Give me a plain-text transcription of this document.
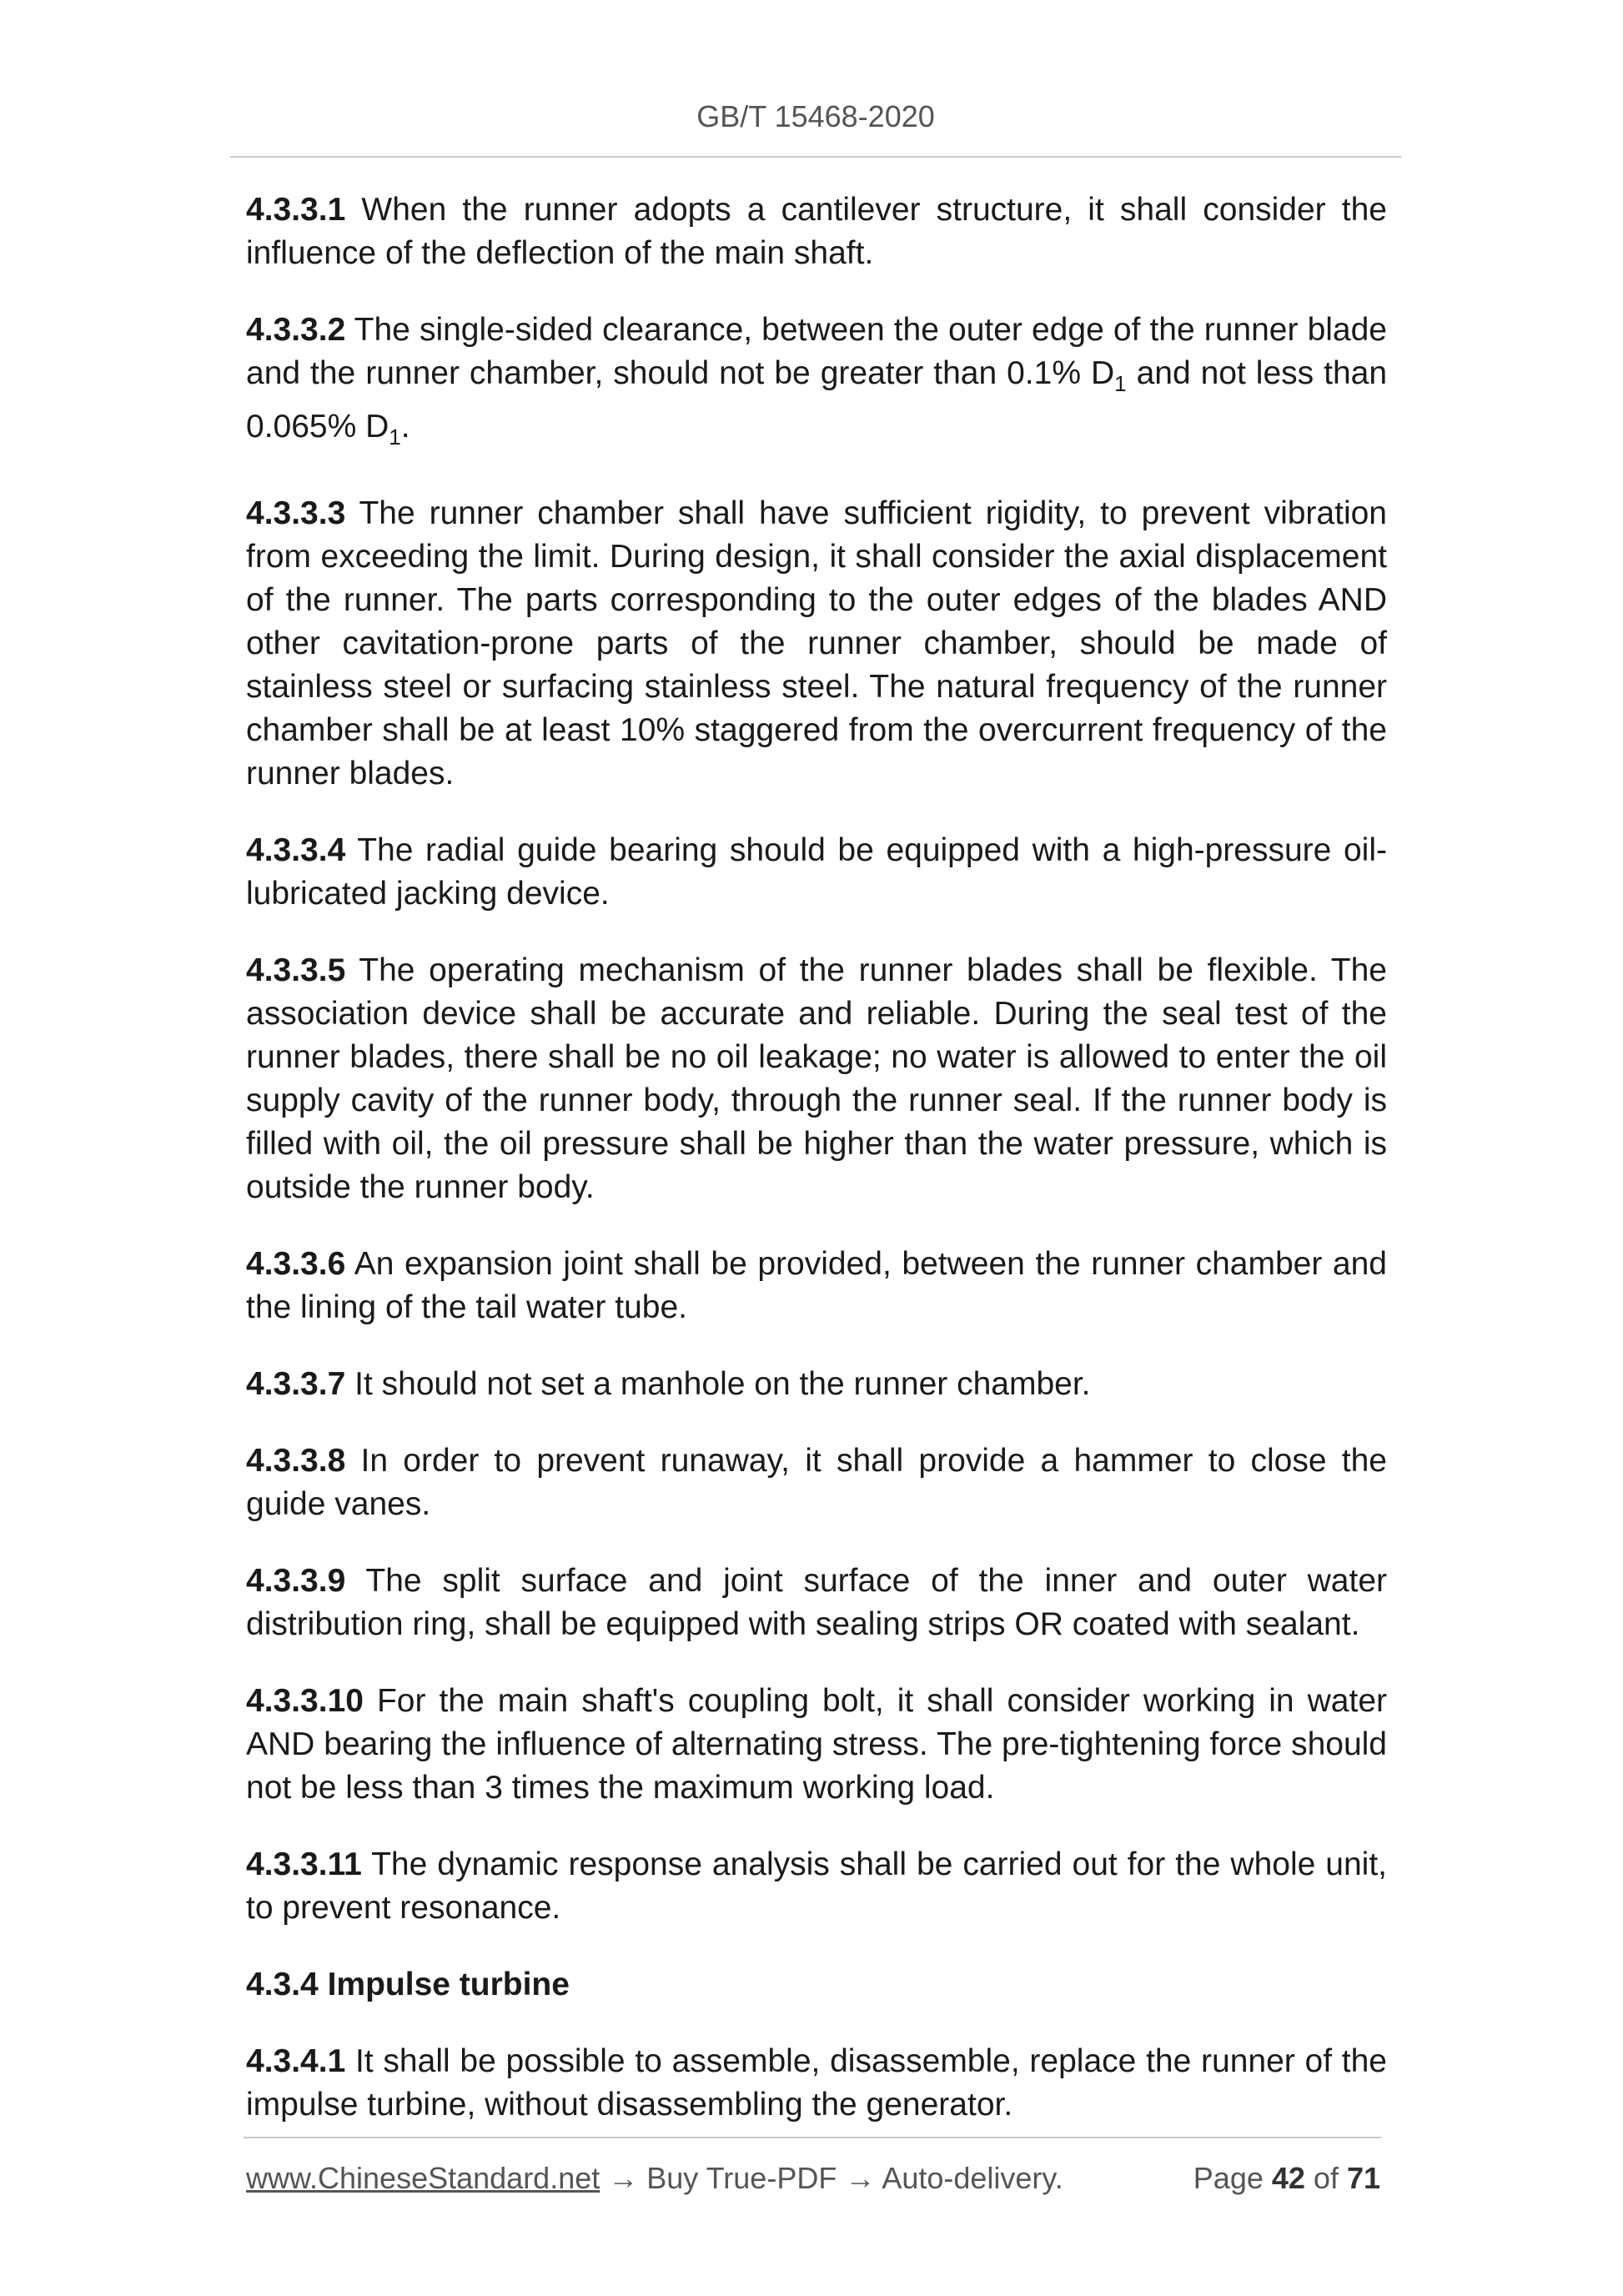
GB/T 15468-2020

4.3.3.1 When the runner adopts a cantilever structure, it shall consider the influence of the deflection of the main shaft.

4.3.3.2 The single-sided clearance, between the outer edge of the runner blade and the runner chamber, should not be greater than 0.1% $D_1$ and not less than 0.065% $D_1$.

4.3.3.3 The runner chamber shall have sufficient rigidity, to prevent vibration from exceeding the limit. During design, it shall consider the axial displacement of the runner. The parts corresponding to the outer edges of the blades AND other cavitation-prone parts of the runner chamber, should be made of stainless steel or surfacing stainless steel. The natural frequency of the runner chamber shall be at least 10% staggered from the overcurrent frequency of the runner blades.

4.3.3.4 The radial guide bearing should be equipped with a high-pressure oil-lubricated jacking device.

4.3.3.5 The operating mechanism of the runner blades shall be flexible. The association device shall be accurate and reliable. During the seal test of the runner blades, there shall be no oil leakage; no water is allowed to enter the oil supply cavity of the runner body, through the runner seal. If the runner body is filled with oil, the oil pressure shall be higher than the water pressure, which is outside the runner body.

4.3.3.6 An expansion joint shall be provided, between the runner chamber and the lining of the tail water tube.

4.3.3.7 It should not set a manhole on the runner chamber.

4.3.3.8 In order to prevent runaway, it shall provide a hammer to close the guide vanes.

4.3.3.9 The split surface and joint surface of the inner and outer water distribution ring, shall be equipped with sealing strips OR coated with sealant.

4.3.3.10 For the main shaft's coupling bolt, it shall consider working in water AND bearing the influence of alternating stress. The pre-tightening force should not be less than 3 times the maximum working load.

4.3.3.11 The dynamic response analysis shall be carried out for the whole unit, to prevent resonance.

4.3.4 Impulse turbine

4.3.4.1 It shall be possible to assemble, disassemble, replace the runner of the impulse turbine, without disassembling the generator.

www.ChineseStandard.net → Buy True-PDF → Auto-delivery.	Page 42 of 71
